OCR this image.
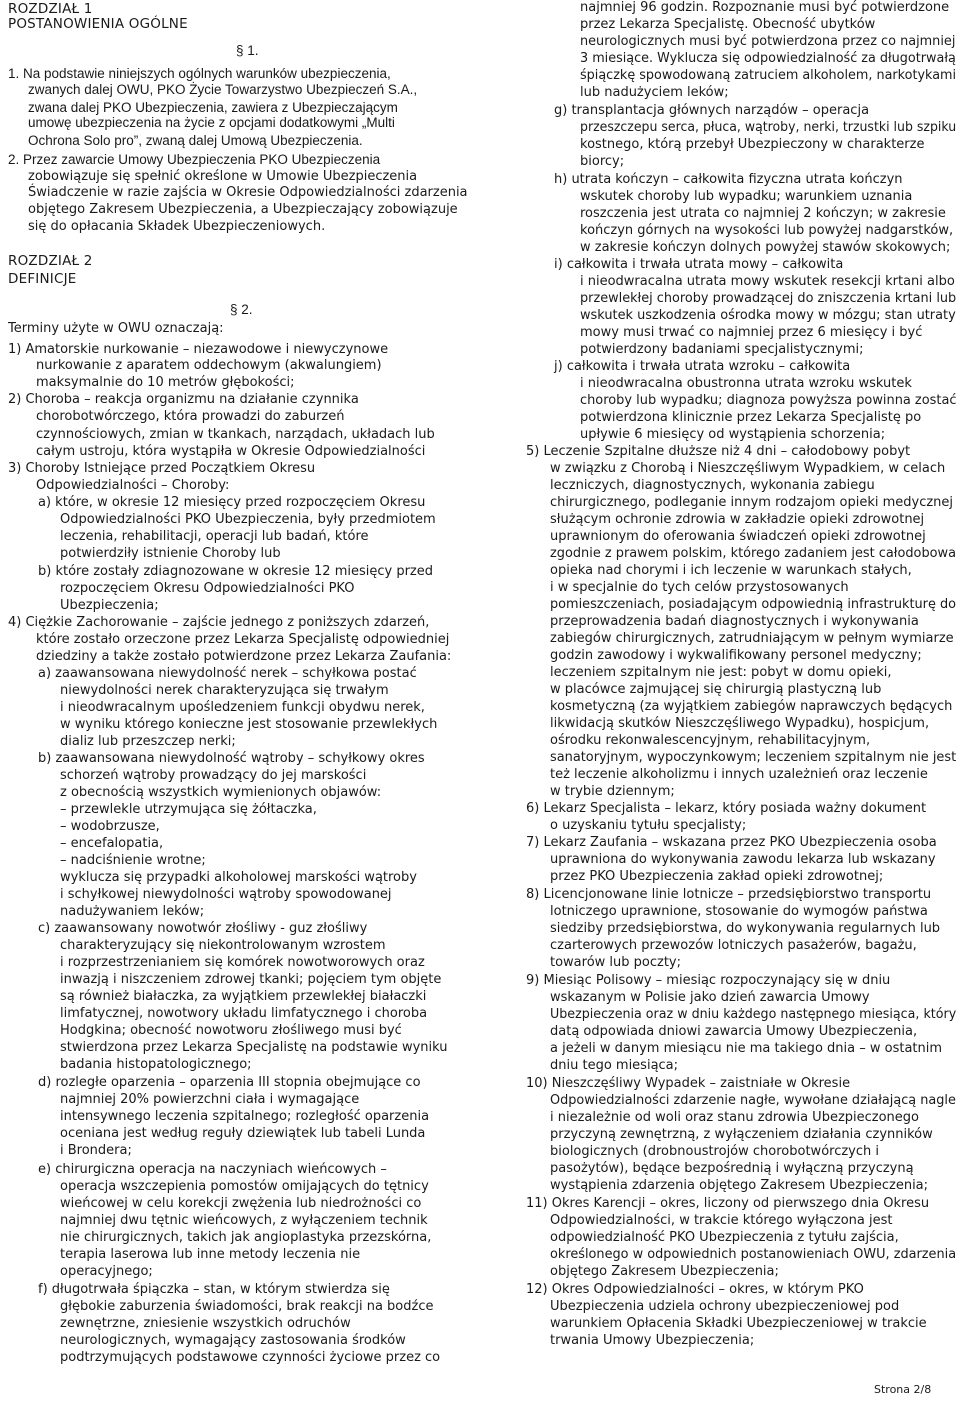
ROZDZIAŁ 1
POSTANOWIENIA OGÓLNE
§ 1.
1. Na podstawie niniejszych ogólnych warunków ubezpieczenia,
zwanych dalej OWU, PKO Życie Towarzystwo Ubezpieczeń S.A.,
zwana dalej PKO Ubezpieczenia, zawiera z Ubezpieczającym
umowę ubezpieczenia na życie z opcjami dodatkowymi „Multi
Ochrona Solo pro”, zwaną dalej Umową Ubezpieczenia.
2. Przez zawarcie Umowy Ubezpieczenia PKO Ubezpieczenia
zobowiązuje się spełnić określone w Umowie Ubezpieczenia
Świadczenie w razie zajścia w Okresie Odpowiedzialności zdarzenia
objętego Zakresem Ubezpieczenia, a Ubezpieczający zobowiązuje
się do opłacania Składek Ubezpieczeniowych.
ROZDZIAŁ 2
DEFINICJE
§ 2.
Terminy użyte w OWU oznaczają:
1) Amatorskie nurkowanie – niezawodowe i niewyczynowe
nurkowanie z aparatem oddechowym (akwalungiem)
maksymalnie do 10 metrów głębokości;
2) Choroba – reakcja organizmu na działanie czynnika
chorobotwórczego, która prowadzi do zaburzeń
czynnościowych, zmian w tkankach, narządach, układach lub
całym ustroju, która wystąpiła w Okresie Odpowiedzialności
3) Choroby Istniejące przed Początkiem Okresu
Odpowiedzialności – Choroby:
a) które, w okresie 12 miesięcy przed rozpoczęciem Okresu
Odpowiedzialności PKO Ubezpieczenia, były przedmiotem
leczenia, rehabilitacji, operacji lub badań, które
potwierdziły istnienie Choroby lub
b) które zostały zdiagnozowane w okresie 12 miesięcy przed
rozpoczęciem Okresu Odpowiedzialności PKO
Ubezpieczenia;
4) Ciężkie Zachorowanie – zajście jednego z poniższych zdarzeń,
które zostało orzeczone przez Lekarza Specjalistę odpowiedniej
dziedziny a także zostało potwierdzone przez Lekarza Zaufania:
a) zaawansowana niewydolność nerek – schyłkowa postać
niewydolności nerek charakteryzująca się trwałym
i nieodwracalnym upośledzeniem funkcji obydwu nerek,
w wyniku którego konieczne jest stosowanie przewlekłych
dializ lub przeszczep nerki;
b) zaawansowana niewydolność wątroby – schyłkowy okres
schorzeń wątroby prowadzący do jej marskości
z obecnością wszystkich wymienionych objawów:
– przewlekle utrzymująca się żółtaczka,
– wodobrzusze,
– encefalopatia,
– nadciśnienie wrotne;
wyklucza się przypadki alkoholowej marskości wątroby
i schyłkowej niewydolności wątroby spowodowanej
nadużywaniem leków;
c) zaawansowany nowotwór złośliwy - guz złośliwy
charakteryzujący się niekontrolowanym wzrostem
i rozprzestrzenianiem się komórek nowotworowych oraz
inwazją i niszczeniem zdrowej tkanki; pojęciem tym objęte
są również białaczka, za wyjątkiem przewlekłej białaczki
limfatycznej, nowotwory układu limfatycznego i choroba
Hodgkina; obecność nowotworu złośliwego musi być
stwierdzona przez Lekarza Specjalistę na podstawie wyniku
badania histopatologicznego;
d) rozległe oparzenia – oparzenia III stopnia obejmujące co
najmniej 20% powierzchni ciała i wymagające
intensywnego leczenia szpitalnego; rozległość oparzenia
oceniana jest według reguły dziewiątek lub tabeli Lunda
i Brondera;
e) chirurgiczna operacja na naczyniach wieńcowych –
operacja wszczepienia pomostów omijających do tętnicy
wieńcowej w celu korekcji zwężenia lub niedrożności co
najmniej dwu tętnic wieńcowych, z wyłączeniem technik
nie chirurgicznych, takich jak angioplastyka przezskórna,
terapia laserowa lub inne metody leczenia nie
operacyjnego;
f) długotrwała śpiączka – stan, w którym stwierdza się
głębokie zaburzenia świadomości, brak reakcji na bodźce
zewnętrzne, zniesienie wszystkich odruchów
neurologicznych, wymagający zastosowania środków
podtrzymujących podstawowe czynności życiowe przez co
najmniej 96 godzin. Rozpoznanie musi być potwierdzone
przez Lekarza Specjalistę. Obecność ubytków
neurologicznych musi być potwierdzona przez co najmniej
3 miesiące. Wyklucza się odpowiedzialność za długotrwałą
śpiączkę spowodowaną zatruciem alkoholem, narkotykami
lub nadużyciem leków;
g) transplantacja głównych narządów – operacja
przeszczepu serca, płuca, wątroby, nerki, trzustki lub szpiku
kostnego, którą przebył Ubezpieczony w charakterze
biorcy;
h) utrata kończyn – całkowita fizyczna utrata kończyn
wskutek choroby lub wypadku; warunkiem uznania
roszczenia jest utrata co najmniej 2 kończyn; w zakresie
kończyn górnych na wysokości lub powyżej nadgarstków,
w zakresie kończyn dolnych powyżej stawów skokowych;
i) całkowita i trwała utrata mowy – całkowita
i nieodwracalna utrata mowy wskutek resekcji krtani albo
przewlekłej choroby prowadzącej do zniszczenia krtani lub
wskutek uszkodzenia ośrodka mowy w mózgu; stan utraty
mowy musi trwać co najmniej przez 6 miesięcy i być
potwierdzony badaniami specjalistycznymi;
j) całkowita i trwała utrata wzroku – całkowita
i nieodwracalna obustronna utrata wzroku wskutek
choroby lub wypadku; diagnoza powyższa powinna zostać
potwierdzona klinicznie przez Lekarza Specjalistę po
upływie 6 miesięcy od wystąpienia schorzenia;
5) Leczenie Szpitalne dłuższe niż 4 dni – całodobowy pobyt
w związku z Chorobą i Nieszczęśliwym Wypadkiem, w celach
leczniczych, diagnostycznych, wykonania zabiegu
chirurgicznego, podleganie innym rodzajom opieki medycznej
służącym ochronie zdrowia w zakładzie opieki zdrowotnej
uprawnionym do oferowania świadczeń opieki zdrowotnej
zgodnie z prawem polskim, którego zadaniem jest całodobowa
opieka nad chorymi i ich leczenie w warunkach stałych,
i w specjalnie do tych celów przystosowanych
pomieszczeniach, posiadającym odpowiednią infrastrukturę do
przeprowadzenia badań diagnostycznych i wykonywania
zabiegów chirurgicznych, zatrudniającym w pełnym wymiarze
godzin zawodowy i wykwalifikowany personel medyczny;
leczeniem szpitalnym nie jest: pobyt w domu opieki,
w placówce zajmującej się chirurgią plastyczną lub
kosmetyczną (za wyjątkiem zabiegów naprawczych będących
likwidacją skutków Nieszczęśliwego Wypadku), hospicjum,
ośrodku rekonwalescencyjnym, rehabilitacyjnym,
sanatoryjnym, wypoczynkowym; leczeniem szpitalnym nie jest
też leczenie alkoholizmu i innych uzależnień oraz leczenie
w trybie dziennym;
6) Lekarz Specjalista – lekarz, który posiada ważny dokument
o uzyskaniu tytułu specjalisty;
7) Lekarz Zaufania – wskazana przez PKO Ubezpieczenia osoba
uprawniona do wykonywania zawodu lekarza lub wskazany
przez PKO Ubezpieczenia zakład opieki zdrowotnej;
8) Licencjonowane linie lotnicze – przedsiębiorstwo transportu
lotniczego uprawnione, stosowanie do wymogów państwa
siedziby przedsiębiorstwa, do wykonywania regularnych lub
czarterowych przewozów lotniczych pasażerów, bagażu,
towarów lub poczty;
9) Miesiąc Polisowy – miesiąc rozpoczynający się w dniu
wskazanym w Polisie jako dzień zawarcia Umowy
Ubezpieczenia oraz w dniu każdego następnego miesiąca, który
datą odpowiada dniowi zawarcia Umowy Ubezpieczenia,
a jeżeli w danym miesiącu nie ma takiego dnia – w ostatnim
dniu tego miesiąca;
10) Nieszczęśliwy Wypadek – zaistniałe w Okresie
Odpowiedzialności zdarzenie nagłe, wywołane działającą nagle
i niezależnie od woli oraz stanu zdrowia Ubezpieczonego
przyczyną zewnętrzną, z wyłączeniem działania czynników
biologicznych (drobnoustrojów chorobotwórczych i
pasożytów), będące bezpośrednią i wyłączną przyczyną
wystąpienia zdarzenia objętego Zakresem Ubezpieczenia;
11) Okres Karencji – okres, liczony od pierwszego dnia Okresu
Odpowiedzialności, w trakcie którego wyłączona jest
odpowiedzialność PKO Ubezpieczenia z tytułu zajścia,
określonego w odpowiednich postanowieniach OWU, zdarzenia
objętego Zakresem Ubezpieczenia;
12) Okres Odpowiedzialności – okres, w którym PKO
Ubezpieczenia udziela ochrony ubezpieczeniowej pod
warunkiem Opłacenia Składki Ubezpieczeniowej w trakcie
trwania Umowy Ubezpieczenia;
Strona 2/8
